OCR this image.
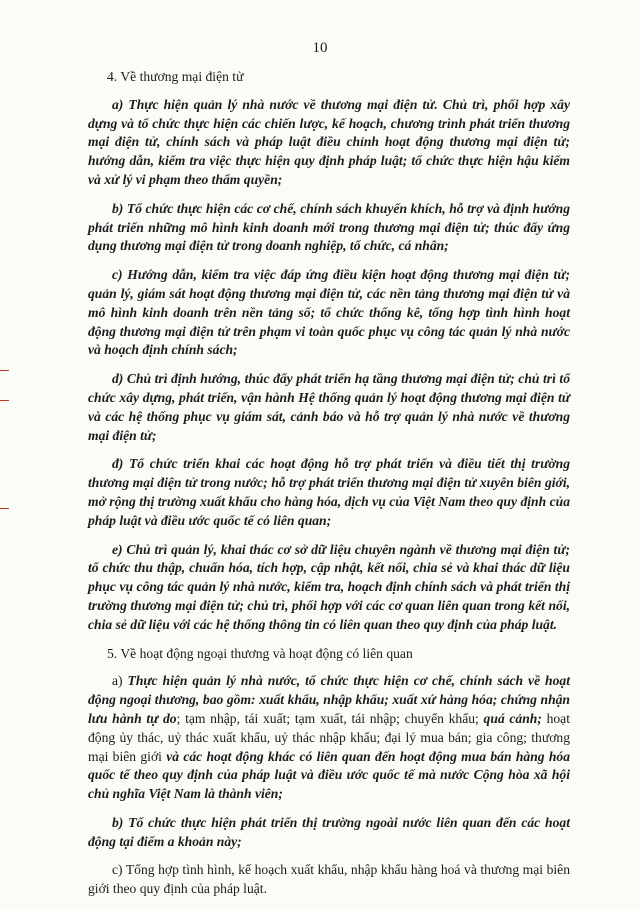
10

4. Về thương mại điện tử

a) Thực hiện quản lý nhà nước về thương mại điện tử. Chủ trì, phối hợp xây dựng và tổ chức thực hiện các chiến lược, kế hoạch, chương trình phát triển thương mại điện tử, chính sách và pháp luật điều chỉnh hoạt động thương mại điện tử; hướng dẫn, kiểm tra việc thực hiện quy định pháp luật; tổ chức thực hiện hậu kiểm và xử lý vi phạm theo thẩm quyền;

b) Tổ chức thực hiện các cơ chế, chính sách khuyến khích, hỗ trợ và định hướng phát triển những mô hình kinh doanh mới trong thương mại điện tử; thúc đẩy ứng dụng thương mại điện tử trong doanh nghiệp, tổ chức, cá nhân;

c) Hướng dẫn, kiểm tra việc đáp ứng điều kiện hoạt động thương mại điện tử; quản lý, giám sát hoạt động thương mại điện tử, các nền tảng thương mại điện tử và mô hình kinh doanh trên nền tảng số; tổ chức thống kê, tổng hợp tình hình hoạt động thương mại điện tử trên phạm vi toàn quốc phục vụ công tác quản lý nhà nước và hoạch định chính sách;

d) Chủ trì định hướng, thúc đẩy phát triển hạ tầng thương mại điện tử; chủ trì tổ chức xây dựng, phát triển, vận hành Hệ thống quản lý hoạt động thương mại điện tử và các hệ thống phục vụ giám sát, cảnh báo và hỗ trợ quản lý nhà nước về thương mại điện tử;

đ) Tổ chức triển khai các hoạt động hỗ trợ phát triển và điều tiết thị trường thương mại điện tử trong nước; hỗ trợ phát triển thương mại điện tử xuyên biên giới, mở rộng thị trường xuất khẩu cho hàng hóa, dịch vụ của Việt Nam theo quy định của pháp luật và điều ước quốc tế có liên quan;

e) Chủ trì quản lý, khai thác cơ sở dữ liệu chuyên ngành về thương mại điện tử; tổ chức thu thập, chuẩn hóa, tích hợp, cập nhật, kết nối, chia sẻ và khai thác dữ liệu phục vụ công tác quản lý nhà nước, kiểm tra, hoạch định chính sách và phát triển thị trường thương mại điện tử; chủ trì, phối hợp với các cơ quan liên quan trong kết nối, chia sẻ dữ liệu với các hệ thống thông tin có liên quan theo quy định của pháp luật.

5. Về hoạt động ngoại thương và hoạt động có liên quan

a) Thực hiện quản lý nhà nước, tổ chức thực hiện cơ chế, chính sách về hoạt động ngoại thương, bao gồm: xuất khẩu, nhập khẩu; xuất xứ hàng hóa; chứng nhận lưu hành tự do; tạm nhập, tái xuất; tạm xuất, tái nhập; chuyển khẩu; quá cảnh; hoạt động ủy thác, uỷ thác xuất khẩu, uỷ thác nhập khẩu; đại lý mua bán; gia công; thương mại biên giới và các hoạt động khác có liên quan đến hoạt động mua bán hàng hóa quốc tế theo quy định của pháp luật và điều ước quốc tế mà nước Cộng hòa xã hội chủ nghĩa Việt Nam là thành viên;

b) Tổ chức thực hiện phát triển thị trường ngoài nước liên quan đến các hoạt động tại điểm a khoản này;

c) Tổng hợp tình hình, kế hoạch xuất khẩu, nhập khẩu hàng hoá và thương mại biên giới theo quy định của pháp luật.
